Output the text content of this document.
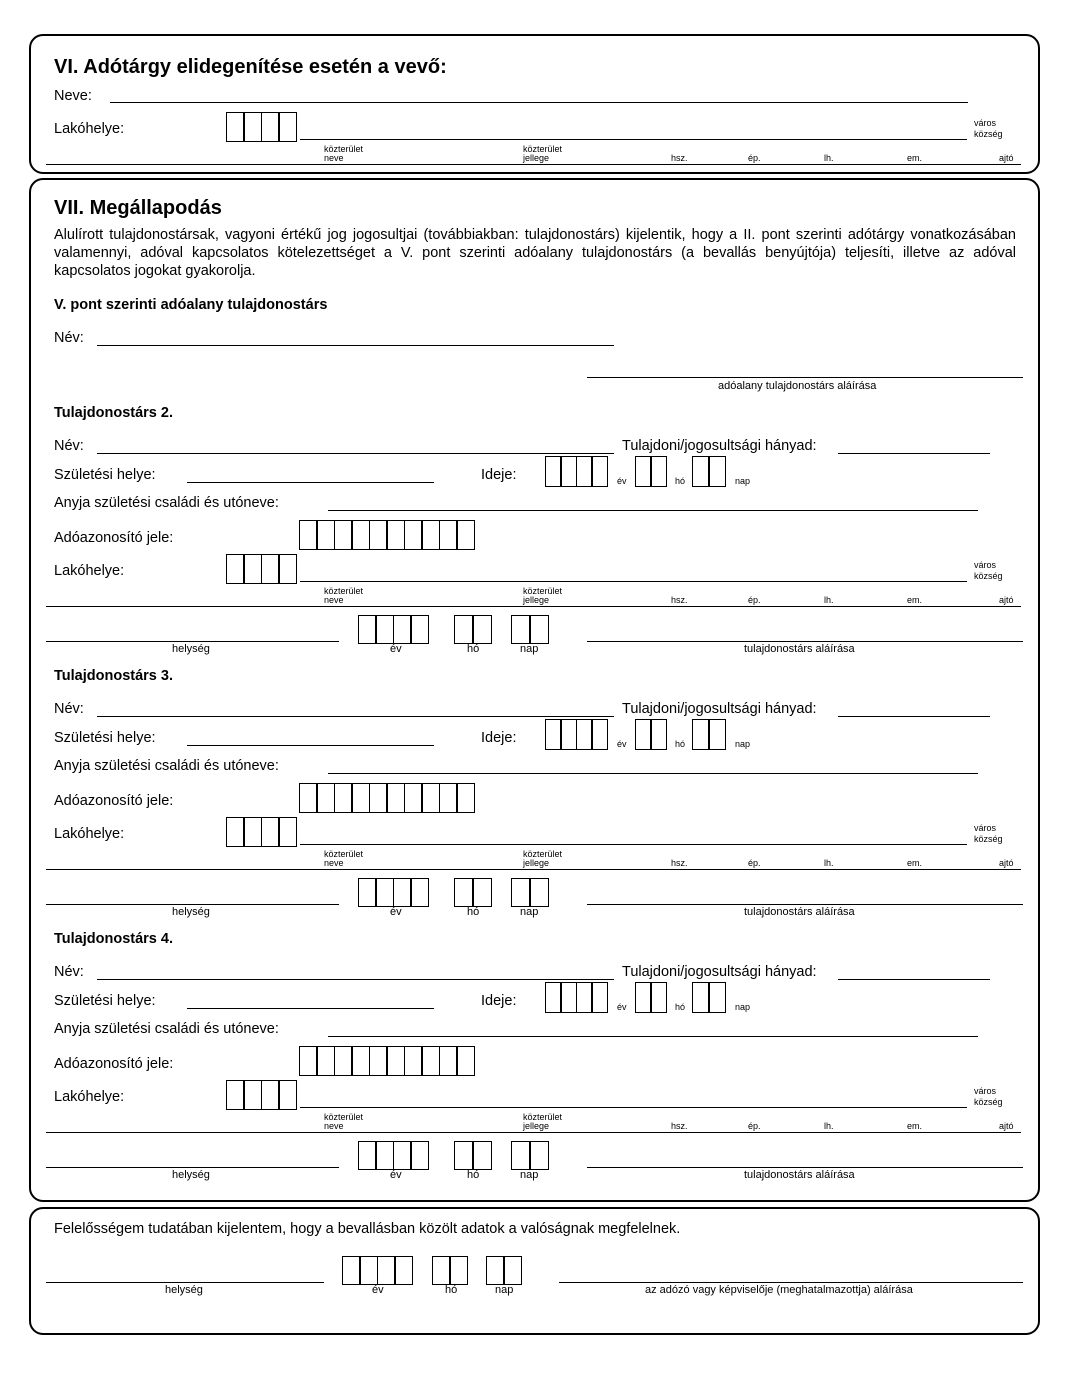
VI. Adótárgy elidegenítése esetén a vevő:
Neve:
Lakóhelye:	város
község
közterület
neve
közterület
jellege	hsz.	ép.	lh.	em.	ajtó
VII. Megállapodás
Alulírott tulajdonostársak, vagyoni értékű jog jogosultjai (továbbiakban: tulajdonostárs) kijelentik, hogy a II. pont szerinti adótárgy vonatkozásában valamennyi, adóval kapcsolatos kötelezettséget a V. pont szerinti adóalany tulajdonostárs (a bevallás benyújtója) teljesíti, illetve az adóval kapcsolatos jogokat gyakorolja.
V. pont szerinti adóalany tulajdonostárs
Név:
adóalany tulajdonostárs aláírása
Tulajdonostárs 2.
Név:	Tulajdoni/jogosultsági hányad:
Születési helye:	Ideje:	év	hó	nap
Anyja születési családi és utóneve:
Adóazonosító jele:
Lakóhelye:	város
község
közterület
neve
közterület
jellege	hsz.	ép.	lh.	em.	ajtó
helység	év	hó	nap	tulajdonostárs aláírása
Tulajdonostárs 3.
Név:	Tulajdoni/jogosultsági hányad:
Születési helye:	Ideje:	év	hó	nap
Anyja születési családi és utóneve:
Adóazonosító jele:
Lakóhelye:	város
község
közterület
neve
közterület
jellege	hsz.	ép.	lh.	em.	ajtó
helység	év	hó	nap	tulajdonostárs aláírása
Tulajdonostárs 4.
Név:	Tulajdoni/jogosultsági hányad:
Születési helye:	Ideje:	év	hó	nap
Anyja születési családi és utóneve:
Adóazonosító jele:
Lakóhelye:	város
község
közterület
neve
közterület
jellege	hsz.	ép.	lh.	em.	ajtó
helység	év	hó	nap	tulajdonostárs aláírása
Felelősségem tudatában kijelentem, hogy a bevallásban közölt adatok a valóságnak megfelelnek.
helység	év	hó	nap	az adózó vagy képviselője (meghatalmazottja) aláírása
